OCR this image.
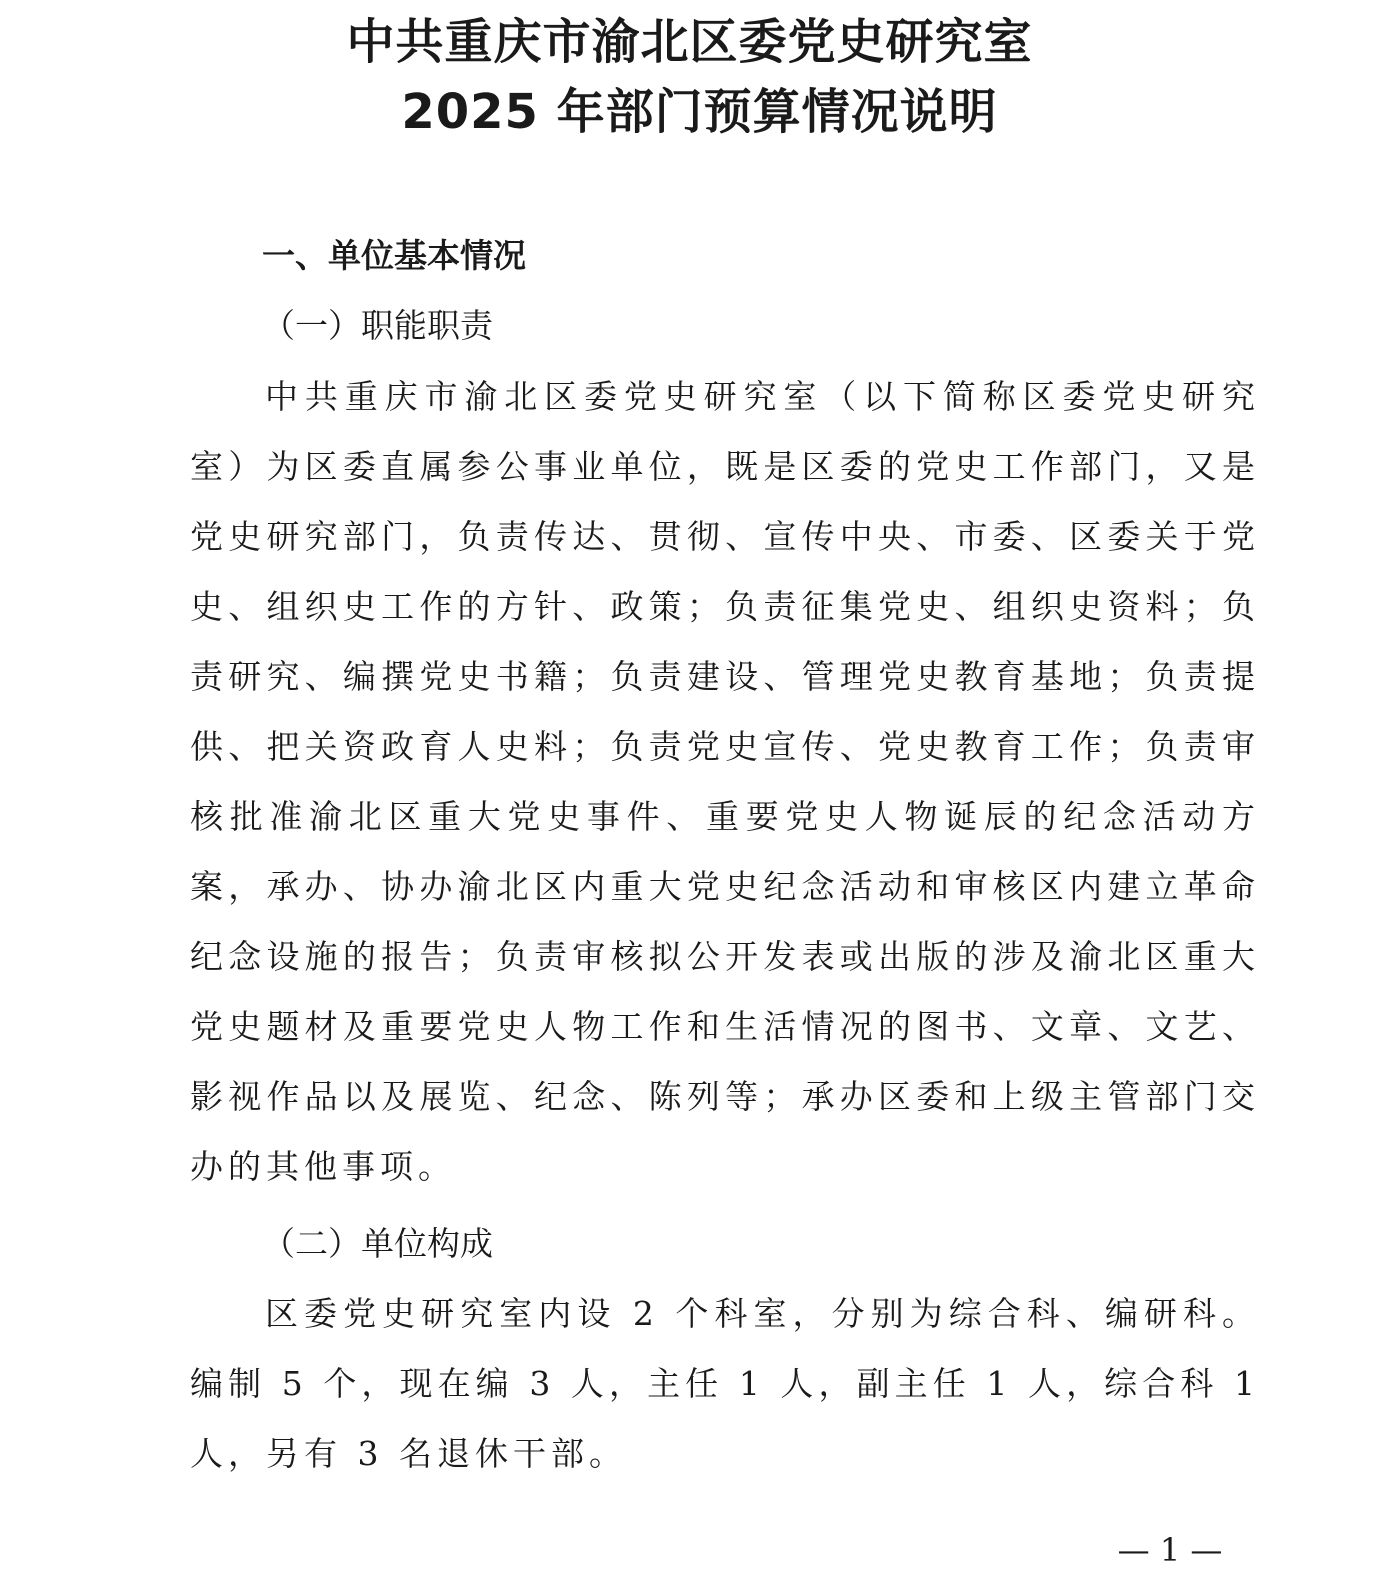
中共重庆市渝北区委党史研究室
2025 年部门预算情况说明
一、单位基本情况
（一）职能职责

中共重庆市渝北区委党史研究室（以下简称区委党史研究室）为区委直属参公事业单位，既是区委的党史工作部门，又是党史研究部门，负责传达、贯彻、宣传中央、市委、区委关于党史、组织史工作的方针、政策；负责征集党史、组织史资料；负责研究、编撰党史书籍；负责建设、管理党史教育基地；负责提供、把关资政育人史料；负责党史宣传、党史教育工作；负责审核批准渝北区重大党史事件、重要党史人物诞辰的纪念活动方案，承办、协办渝北区内重大党史纪念活动和审核区内建立革命纪念设施的报告；负责审核拟公开发表或出版的涉及渝北区重大党史题材及重要党史人物工作和生活情况的图书、文章、文艺、影视作品以及展览、纪念、陈列等；承办区委和上级主管部门交办的其他事项。

（二）单位构成

区委党史研究室内设 2 个科室，分别为综合科、编研科。编制 5 个，现在编 3 人，主任 1 人，副主任 1 人，综合科 1 人，另有 3 名退休干部。

— 1 —
